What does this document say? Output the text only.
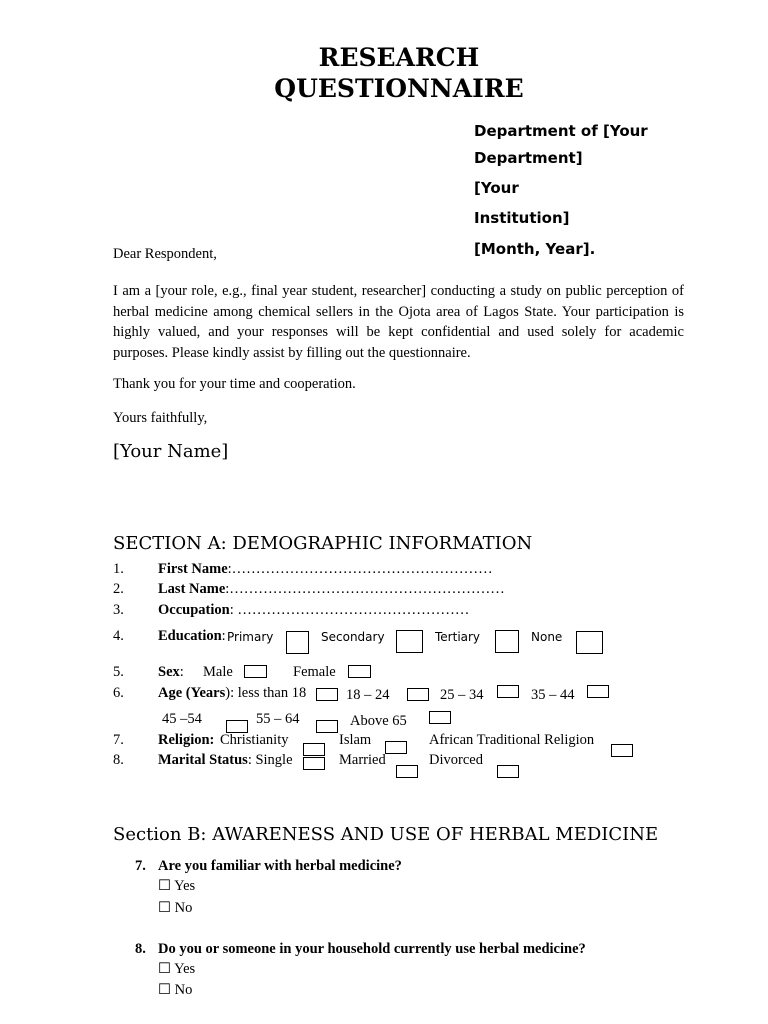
RESEARCH
QUESTIONNAIRE
Department of [Your
Department]
[Your
Institution]
[Month, Year].
Dear Respondent,
I am a [your role, e.g., final year student, researcher] conducting a study on public perception of herbal medicine among chemical sellers in the Ojota area of Lagos State. Your participation is highly valued, and your responses will be kept confidential and used solely for academic purposes. Please kindly assist by filling out the questionnaire.
Thank you for your time and cooperation.
Yours faithfully,
[Your Name]
SECTION A: DEMOGRAPHIC INFORMATION
1. First Name:………………………………………………
2. Last Name:…………………………………………………
3. Occupation: …………………………………………
4. Education: Primary	Secondary	Tertiary	None
5. Sex: Male	Female
6. Age (Years): less than 18	18 – 24	25 – 34	35 – 44
45 –54	55 – 64	Above 65
7. Religion: Christianity	Islam	African Traditional Religion
8. Marital Status: Single	Married	Divorced
Section B: AWARENESS AND USE OF HERBAL MEDICINE
7. Are you familiar with herbal medicine?
☐ Yes
☐ No
8. Do you or someone in your household currently use herbal medicine?
☐ Yes
☐ No
